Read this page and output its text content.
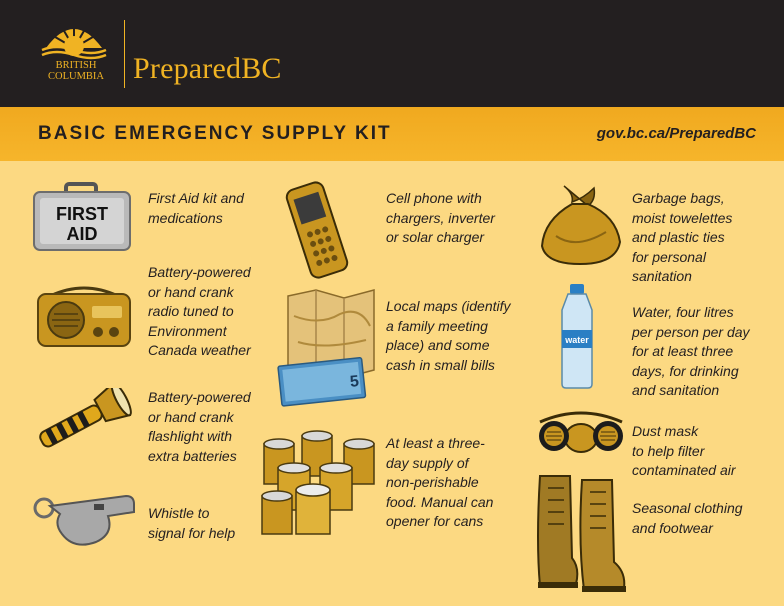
BRITISH
COLUMBIA PreparedBC
BASIC EMERGENCY SUPPLY KIT	gov.bc.ca/PreparedBC
FIRST
AID
First Aid kit and
medications
Battery-powered
or hand crank
radio tuned to
Environment
Canada weather
Battery-powered
or hand crank
flashlight with
extra batteries
Whistle to
signal for help
Cell phone with
chargers, inverter
or solar charger
5
Local maps (identify
a family meeting
place) and some
cash in small bills
At least a three-
day supply of
non-perishable
food. Manual can
opener for cans
Garbage bags,
moist towelettes
and plastic ties
for personal
sanitation
water
Water, four litres
per person per day
for at least three
days, for drinking
and sanitation
Dust mask
to help filter
contaminated air
Seasonal clothing
and footwear
